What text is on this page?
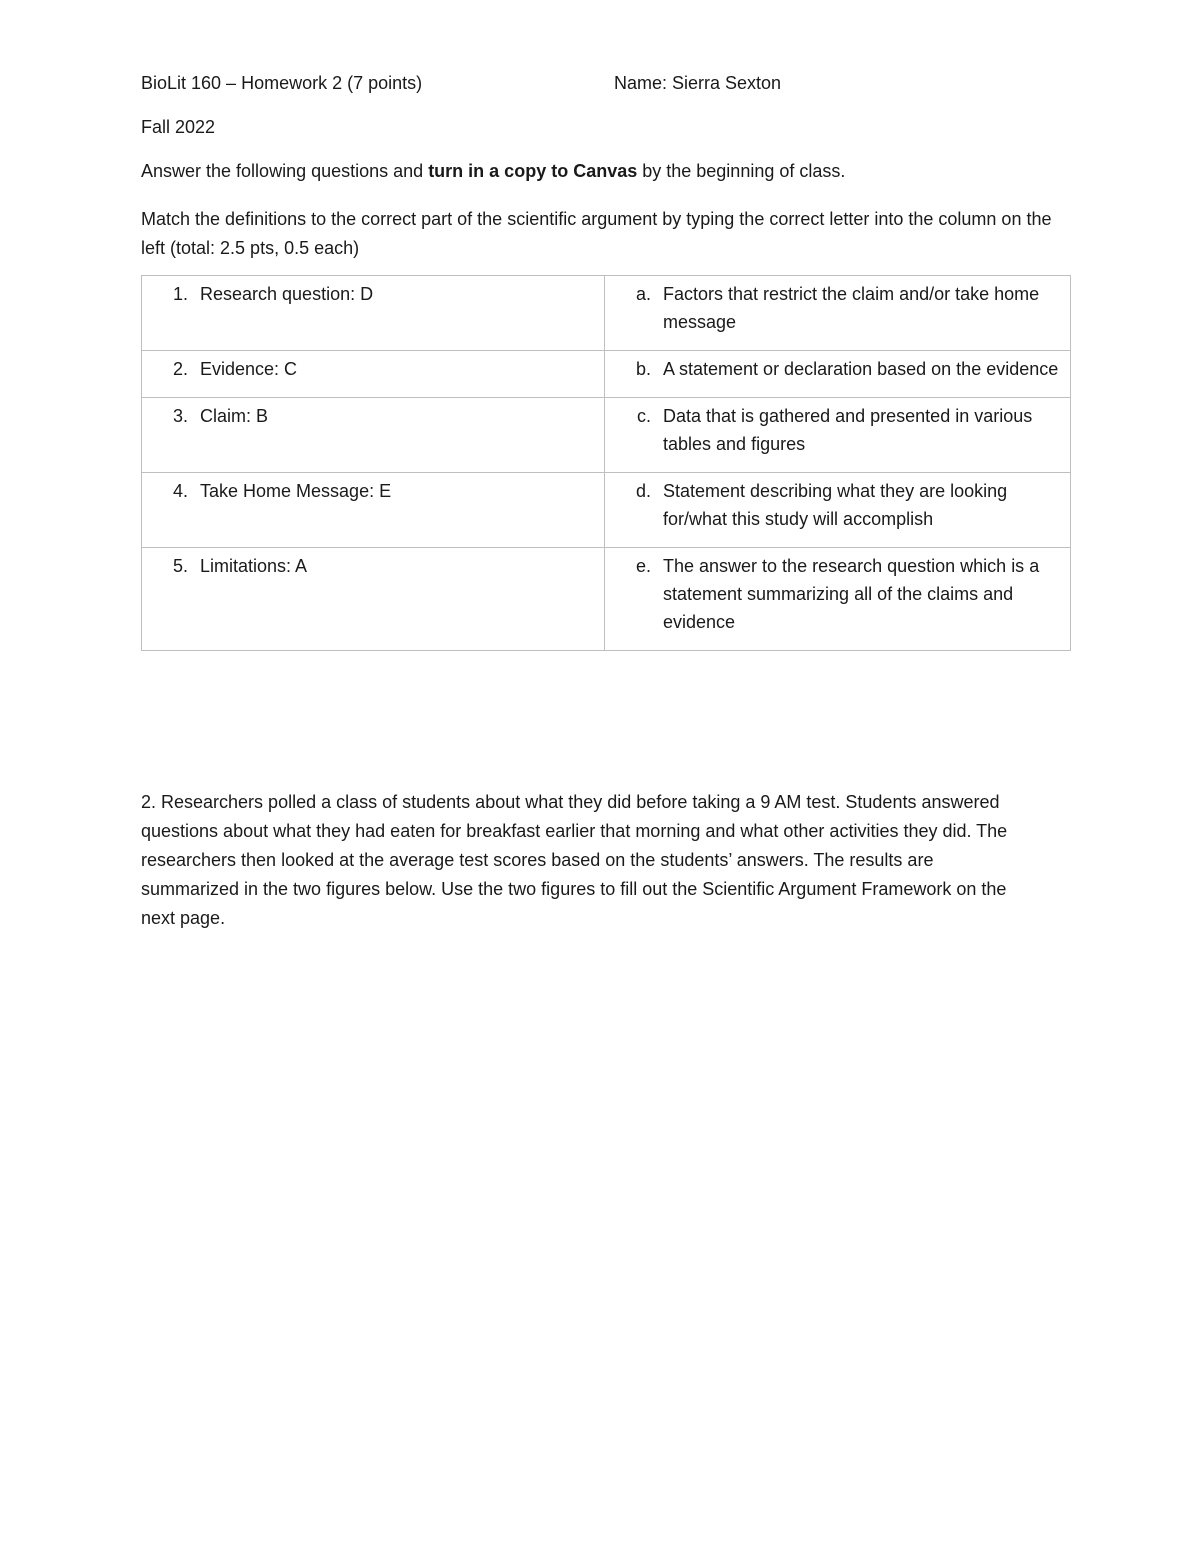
BioLit 160 – Homework 2 (7 points)	Name: Sierra Sexton
Fall 2022
Answer the following questions and turn in a copy to Canvas by the beginning of class.
Match the definitions to the correct part of the scientific argument by typing the correct letter into the column on the left (total: 2.5 pts, 0.5 each)
1. Research question: D	a. Factors that restrict the claim and/or take home message

2. Evidence: C	b. A statement or declaration based on the evidence

3. Claim: B	c. Data that is gathered and presented in various tables and figures

4. Take Home Message: E	d. Statement describing what they are looking for/what this study will accomplish

5. Limitations: A	e. The answer to the research question which is a statement summarizing all of the claims and evidence
2. Researchers polled a class of students about what they did before taking a 9 AM test. Students answered questions about what they had eaten for breakfast earlier that morning and what other activities they did. The researchers then looked at the average test scores based on the students’ answers. The results are summarized in the two figures below. Use the two figures to fill out the Scientific Argument Framework on the next page.
